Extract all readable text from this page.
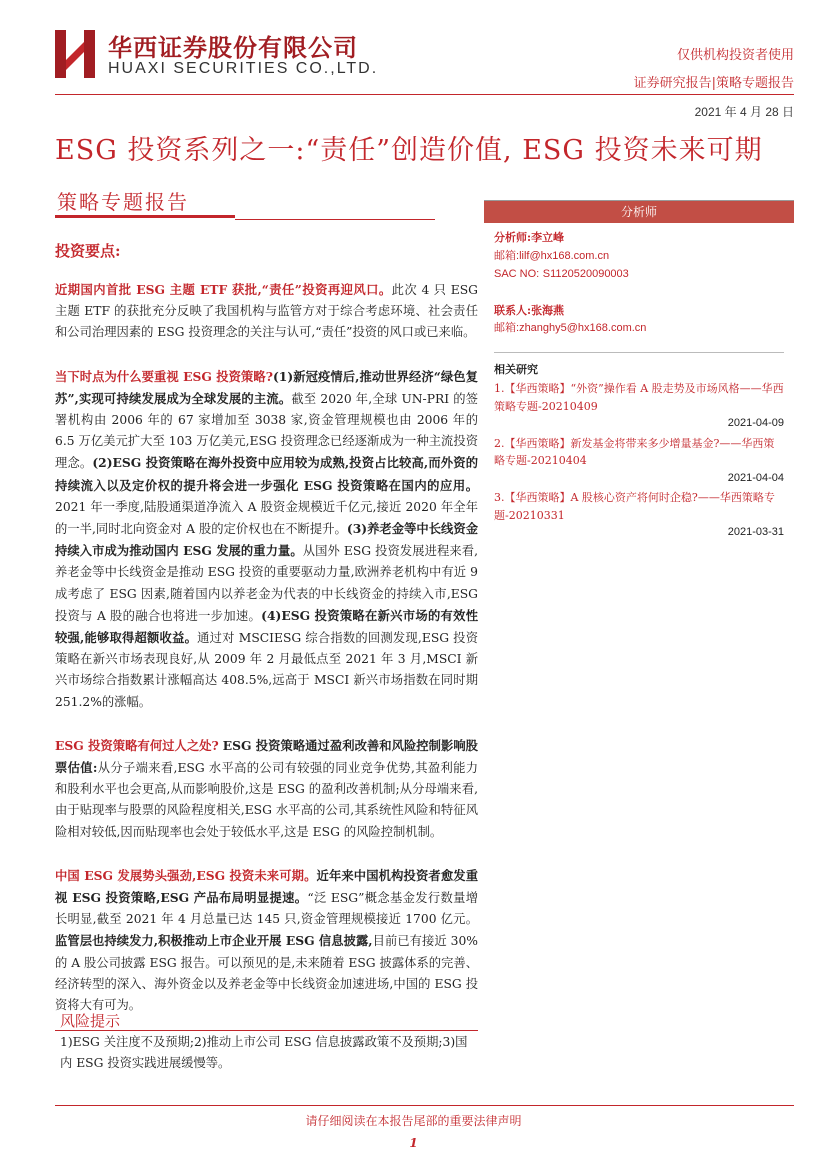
华西证券股份有限公司
HUAXI SECURITIES CO.,LTD.
仅供机构投资者使用
证券研究报告|策略专题报告
2021 年 4 月 28 日
ESG 投资系列之一:“责任”创造价值, ESG 投资未来可期
策略专题报告
投资要点:

近期国内首批 ESG 主题 ETF 获批,“责任”投资再迎风口。此次 4 只 ESG 主题 ETF 的获批充分反映了我国机构与监管方对于综合考虑环境、社会责任和公司治理因素的 ESG 投资理念的关注与认可,“责任”投资的风口或已来临。

当下时点为什么要重视 ESG 投资策略?(1)新冠疫情后,推动世界经济“绿色复苏”,实现可持续发展成为全球发展的主流。截至 2020 年,全球 UN-PRI 的签署机构由 2006 年的 67 家增加至 3038 家,资金管理规模也由 2006 年的 6.5 万亿美元扩大至 103 万亿美元,ESG 投资理念已经逐渐成为一种主流投资理念。(2)ESG 投资策略在海外投资中应用较为成熟,投资占比较高,而外资的持续流入以及定价权的提升将会进一步强化 ESG 投资策略在国内的应用。2021 年一季度,陆股通渠道净流入 A 股资金规模近千亿元,接近 2020 年全年的一半,同时北向资金对 A 股的定价权也在不断提升。(3)养老金等中长线资金持续入市成为推动国内 ESG 发展的重力量。从国外 ESG 投资发展进程来看,养老金等中长线资金是推动 ESG 投资的重要驱动力量,欧洲养老机构中有近 9 成考虑了 ESG 因素,随着国内以养老金为代表的中长线资金的持续入市,ESG 投资与 A 股的融合也将进一步加速。(4)ESG 投资策略在新兴市场的有效性较强,能够取得超额收益。通过对 MSCIESG 综合指数的回测发现,ESG 投资策略在新兴市场表现良好,从 2009 年 2 月最低点至 2021 年 3 月,MSCI 新兴市场综合指数累计涨幅高达 408.5%,远高于 MSCI 新兴市场指数在同时期 251.2%的涨幅。

ESG 投资策略有何过人之处? ESG 投资策略通过盈利改善和风险控制影响股票估值:从分子端来看,ESG 水平高的公司有较强的同业竞争优势,其盈利能力和股利水平也会更高,从而影响股价,这是 ESG 的盈利改善机制;从分母端来看,由于贴现率与股票的风险程度相关,ESG 水平高的公司,其系统性风险和特征风险相对较低,因而贴现率也会处于较低水平,这是 ESG 的风险控制机制。

中国 ESG 发展势头强劲,ESG 投资未来可期。近年来中国机构投资者愈发重视 ESG 投资策略,ESG 产品布局明显提速。“泛 ESG”概念基金发行数量增长明显,截至 2021 年 4 月总量已达 145 只,资金管理规模接近 1700 亿元。监管层也持续发力,积极推动上市企业开展 ESG 信息披露,目前已有接近 30%的 A 股公司披露 ESG 报告。可以预见的是,未来随着 ESG 披露体系的完善、经济转型的深入、海外资金以及养老金等中长线资金加速进场,中国的 ESG 投资将大有可为。

风险提示
1)ESG 关注度不及预期;2)推动上市公司 ESG 信息披露政策不及预期;3)国内 ESG 投资实践进展缓慢等。
分析师
分析师:李立峰
邮箱:lilf@hx168.com.cn
SAC NO: S1120520090003
联系人:张海燕
邮箱:zhanghy5@hx168.com.cn
相关研究
1.【华西策略】“外资”操作看 A 股走势及市场风格——华西策略专题-20210409
2021-04-09
2.【华西策略】新发基金将带来多少增量基金?——华西策略专题-20210404
2021-04-04
3.【华西策略】A 股核心资产将何时企稳?——华西策略专题-20210331
2021-03-31
请仔细阅读在本报告尾部的重要法律声明
1
